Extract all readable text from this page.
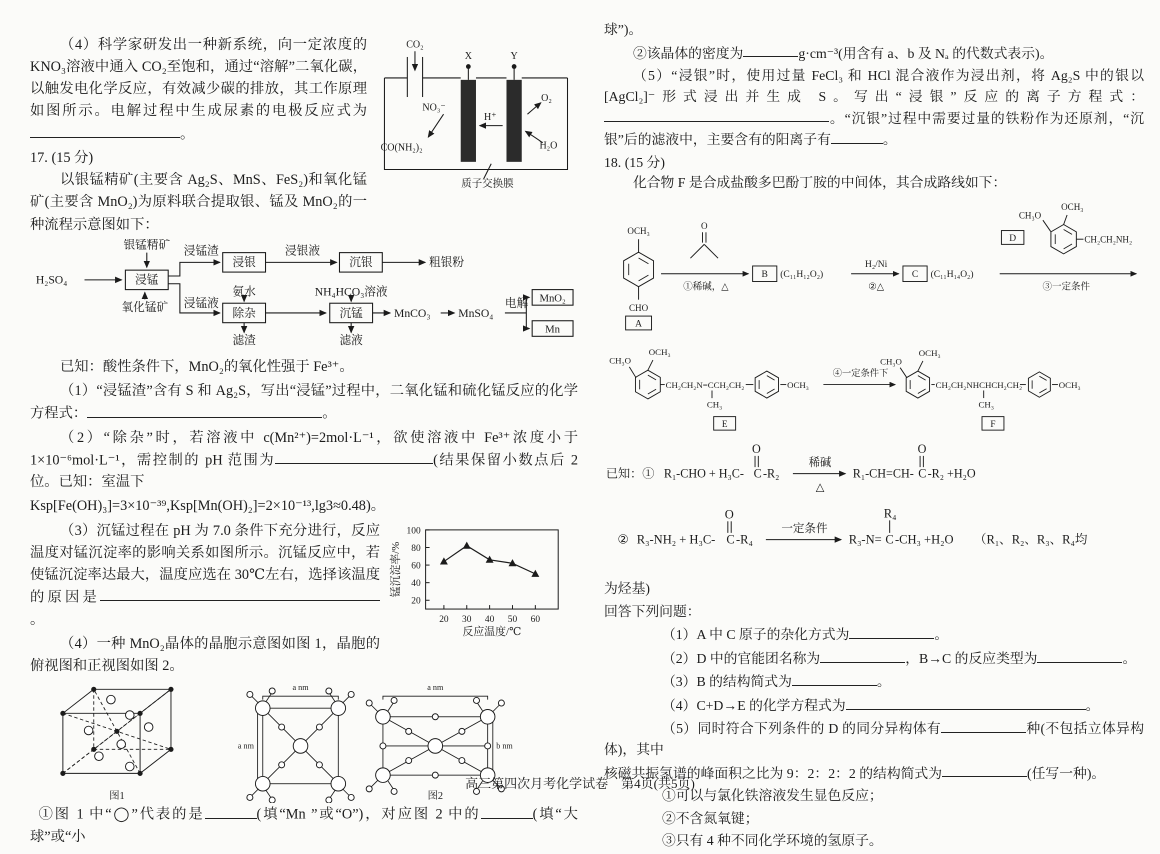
CO₂
X	Y
NO₃⁻
CO(NH₂)₂
H⁺
O₂
H₂O
质子交换膜
（4）科学家研发出一种新系统，向一定浓度的 KNO₃溶液中通入 CO₂至饱和，通过“溶解”二氧化碳，以触发电化学反应，有效减少碳的排放，其工作原理如图所示。电解过程中生成尿素的电极反应式为。
17. (15 分)

以银锰精矿(主要含 Ag₂S、MnS、FeS₂)和氧化锰矿(主要含 MnO₂)为原料联合提取银、锰及 MnO₂的一种流程示意图如下：

银锰精矿
浸锰
H₂SO₄
氧化锰矿
浸锰渣
浸银
浸银液
沉银	粗银粉
氨水	NH₄HCO₃溶液
浸锰液
除杂	沉锰	MnCO₃ MnSO₄
电解 MnO₂
Mn
滤渣	滤液

已知：酸性条件下，MnO₂的氧化性强于 Fe³⁺。

（1）“浸锰渣”含有 S 和 Ag₂S，写出“浸锰”过程中，二氧化锰和硫化锰反应的化学方程式：	。

（2）“除杂”时，若溶液中 c(Mn²⁺)=2mol·L⁻¹，欲使溶液中 Fe³⁺浓度小于 1×10⁻⁶mol·L⁻¹，需控制的 pH 范围为	(结果保留小数点后 2 位。已知：室温下

Ksp[Fe(OH)₃]=3×10⁻³⁹,Ksp[Mn(OH)₂]=2×10⁻¹³,lg3≈0.48)。

锰沉淀率/%
反应温度/℃
20
40
60
80
100
20 30 40 50 60
（3）沉锰过程在 pH 为 7.0 条件下充分进行，反应温度对锰沉淀率的影响关系如图所示。沉锰反应中，若使锰沉淀率达最大，温度应选在 30℃左右，选择该温度的原因是。

（4）一种 MnO₂晶体的晶胞示意图如图 1，晶胞的俯视图和正视图如图 2。

图1
a nm
a nm
a nm
b nm
图2

①图 1 中“◯”代表的是	(填“Mn ”或“O”)，对应图 2 中的	(填“大球”或“小

球”)。

②该晶体的密度为	g·cm⁻³(用含有 a、b 及 Nₐ 的代数式表示)。

（5）“浸银”时，使用过量 FeCl₃ 和 HCl 混合液作为浸出剂，将 Ag₂S 中的银以[AgCl₂]⁻形式浸出并生成 S。写出“浸银”反应的离子方程式：。“沉银”过程中需要过量的铁粉作为还原剂，“沉银”后的滤液中，主要含有的阳离子有	。

18. (15 分)

化合物 F 是合成盐酸多巴酚丁胺的中间体，其合成路线如下：

OCH₃
CHO
A
O
①稀碱，△
B (C₁₁H₁₂O₂)
H₂/Ni
②△
C (C₁₁H₁₄O₂)
③一定条件
D
OCH₃
CH₃O
CH₂CH₂NH₂

OCH₃
CH₃O
CH₂CH₂N=CCH₂CH₂
CH₃
OCH₃
E
④一定条件下
OCH₃
CH₃O
CH₂CH₂NHCHCH₂CH₂
CH₃
OCH₃
F

已知：① R₁-CHO + H₃C- C
O
-R₂
稀碱
△
R₁-CH=CH- C
O
-R₂ +H₂O

② R₃-NH₂ + H₃C- C
O
-R₄
一定条件
R₃-N= C
R₄
-CH₃ +H₂O （R₁、R₂、R₃、R₄均

为烃基)

回答下列问题：

（1）A 中 C 原子的杂化方式为	。

（2）D 中的官能团名称为	，B→C 的反应类型为	。

（3）B 的结构简式为	。

（4）C+D→E 的化学方程式为	。

（5）同时符合下列条件的 D 的同分异构体有	种(不包括立体异构体)，其中

核磁共振氢谱的峰面积之比为 9：2：2：2 的结构简式为	(任写一种)。

①可以与氯化铁溶液发生显色反应；

②不含氮氧键；

③只有 4 种不同化学环境的氢原子。

高三第四次月考化学试卷　第4页(共5页)
